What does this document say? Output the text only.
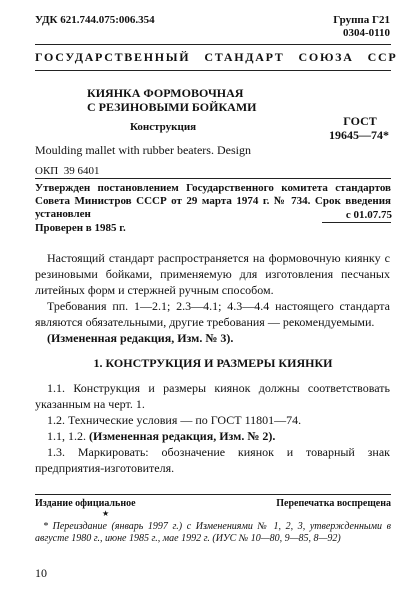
УДК 621.744.075:006.354	Группа Г21
0304-0110
ГОСУДАРСТВЕННЫЙ   СТАНДАРТ   СОЮЗА   ССР
КИЯНКА ФОРМОВОЧНАЯ
С РЕЗИНОВЫМИ БОЙКАМИ
ГОСТ
Конструкция
19645—74*
Moulding mallet with rubber beaters. Design
ОКП  39 6401
Утвержден постановлением Государственного комитета стандартов Совета Министров СССР от 29 марта 1974 г. № 734. Срок введения установлен	с 01.07.75
Проверен в 1985 г.
Настоящий стандарт распространяется на формовочную киянку с резиновыми бойками, применяемую для изготовления песчаных литейных форм и стержней ручным способом.
Требования пп. 1—2.1; 2.3—4.1; 4.3—4.4 настоящего стандарта являются обязательными, другие требования — рекомендуемыми.
(Измененная редакция, Изм. № 3).
1. КОНСТРУКЦИЯ И РАЗМЕРЫ КИЯНКИ
1.1. Конструкция и размеры киянок должны соответствовать указанным на черт. 1.
1.2. Технические условия — по ГОСТ 11801—74.
1.1, 1.2. (Измененная редакция, Изм. № 2).
1.3. Маркировать: обозначение киянок и товарный знак предприятия-изготовителя.
Издание официальное	Перепечатка воспрещена
★
* Переиздание (январь 1997 г.) с Изменениями № 1, 2, 3, утвержденными в августе 1980 г., июне 1985 г., мае 1992 г. (ИУС № 10—80, 9—85, 8—92)
10
